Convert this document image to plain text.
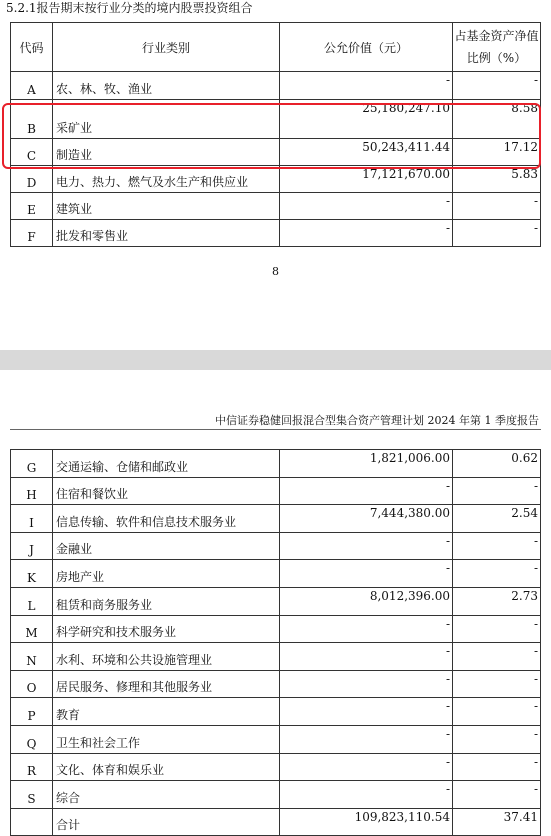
5.2.1报告期末按行业分类的境内股票投资组合
代码	行业类别	公允价值（元）	占基金资产净值
比例（%）
A	农、林、牧、渔业	-	-
B	采矿业	25,180,247.10	8.58
C	制造业	50,243,411.44	17.12
D	电力、热力、燃气及水生产和供应业	17,121,670.00	5.83
E	建筑业	-	-
F	批发和零售业	-	-
8
中信证券稳健回报混合型集合资产管理计划 2024 年第 1 季度报告
G	交通运输、仓储和邮政业	1,821,006.00	0.62
H	住宿和餐饮业	-	-
I	信息传输、软件和信息技术服务业	7,444,380.00	2.54
J	金融业	-	-
K	房地产业	-	-
L	租赁和商务服务业	8,012,396.00	2.73
M	科学研究和技术服务业	-	-
N	水利、环境和公共设施管理业	-	-
O	居民服务、修理和其他服务业	-	-
P	教育	-	-
Q	卫生和社会工作	-	-
R	文化、体育和娱乐业	-	-
S	综合	-	-
	合计	109,823,110.54	37.41
